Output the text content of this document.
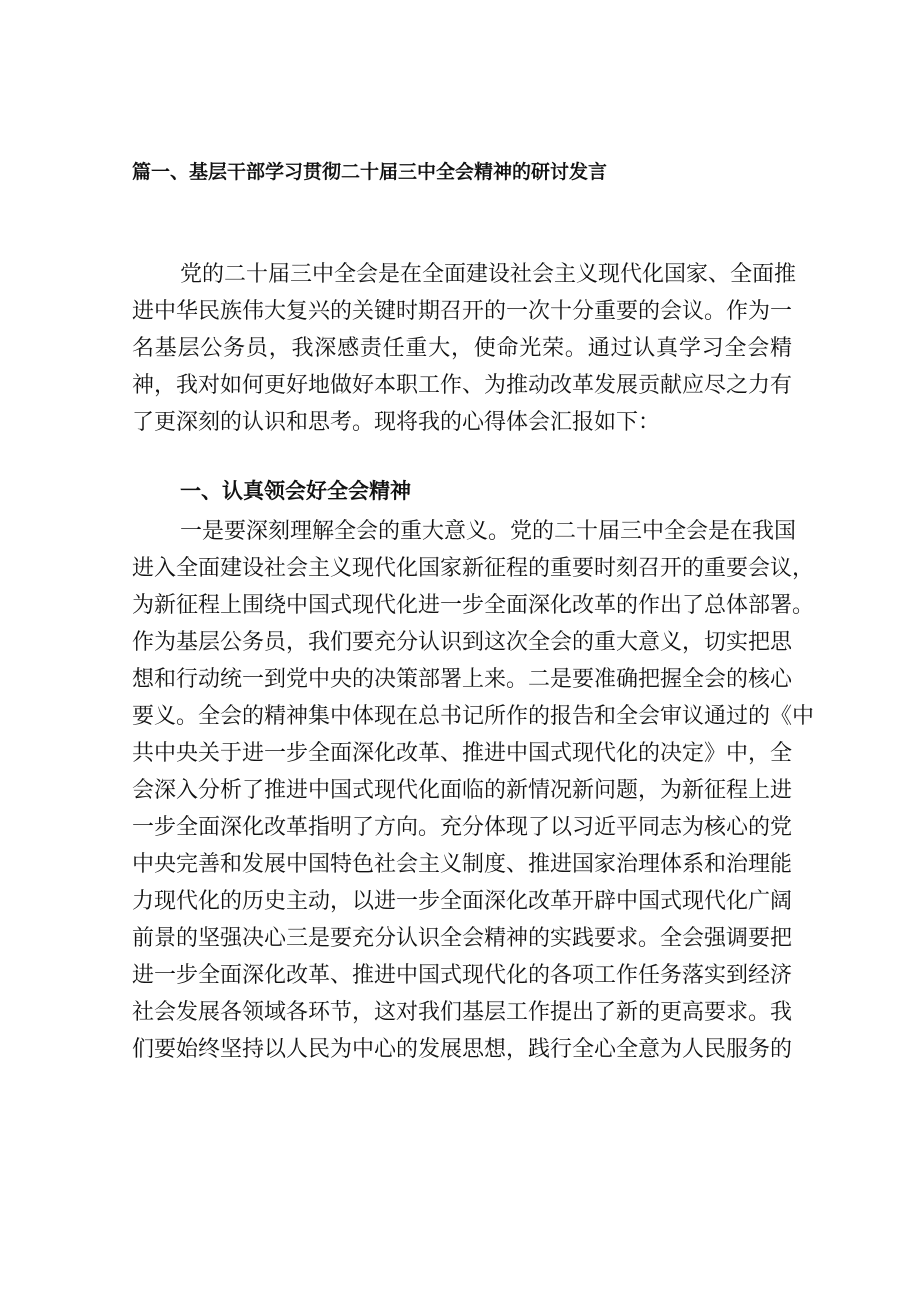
篇一、基层干部学习贯彻二十届三中全会精神的研讨发言
党的二十届三中全会是在全面建设社会主义现代化国家、全面推
进中华民族伟大复兴的关键时期召开的一次十分重要的会议。作为一
名基层公务员，我深感责任重大，使命光荣。通过认真学习全会精
神，我对如何更好地做好本职工作、为推动改革发展贡献应尽之力有
了更深刻的认识和思考。现将我的心得体会汇报如下：
一、认真领会好全会精神
一是要深刻理解全会的重大意义。党的二十届三中全会是在我国
进入全面建设社会主义现代化国家新征程的重要时刻召开的重要会议，
为新征程上围绕中国式现代化进一步全面深化改革的作出了总体部署。
作为基层公务员，我们要充分认识到这次全会的重大意义，切实把思
想和行动统一到党中央的决策部署上来。二是要准确把握全会的核心
要义。全会的精神集中体现在总书记所作的报告和全会审议通过的《中
共中央关于进一步全面深化改革、推进中国式现代化的决定》中，全
会深入分析了推进中国式现代化面临的新情况新问题，为新征程上进
一步全面深化改革指明了方向。充分体现了以习近平同志为核心的党
中央完善和发展中国特色社会主义制度、推进国家治理体系和治理能
力现代化的历史主动，以进一步全面深化改革开辟中国式现代化广阔
前景的坚强决心三是要充分认识全会精神的实践要求。全会强调要把
进一步全面深化改革、推进中国式现代化的各项工作任务落实到经济
社会发展各领域各环节，这对我们基层工作提出了新的更高要求。我
们要始终坚持以人民为中心的发展思想，践行全心全意为人民服务的
